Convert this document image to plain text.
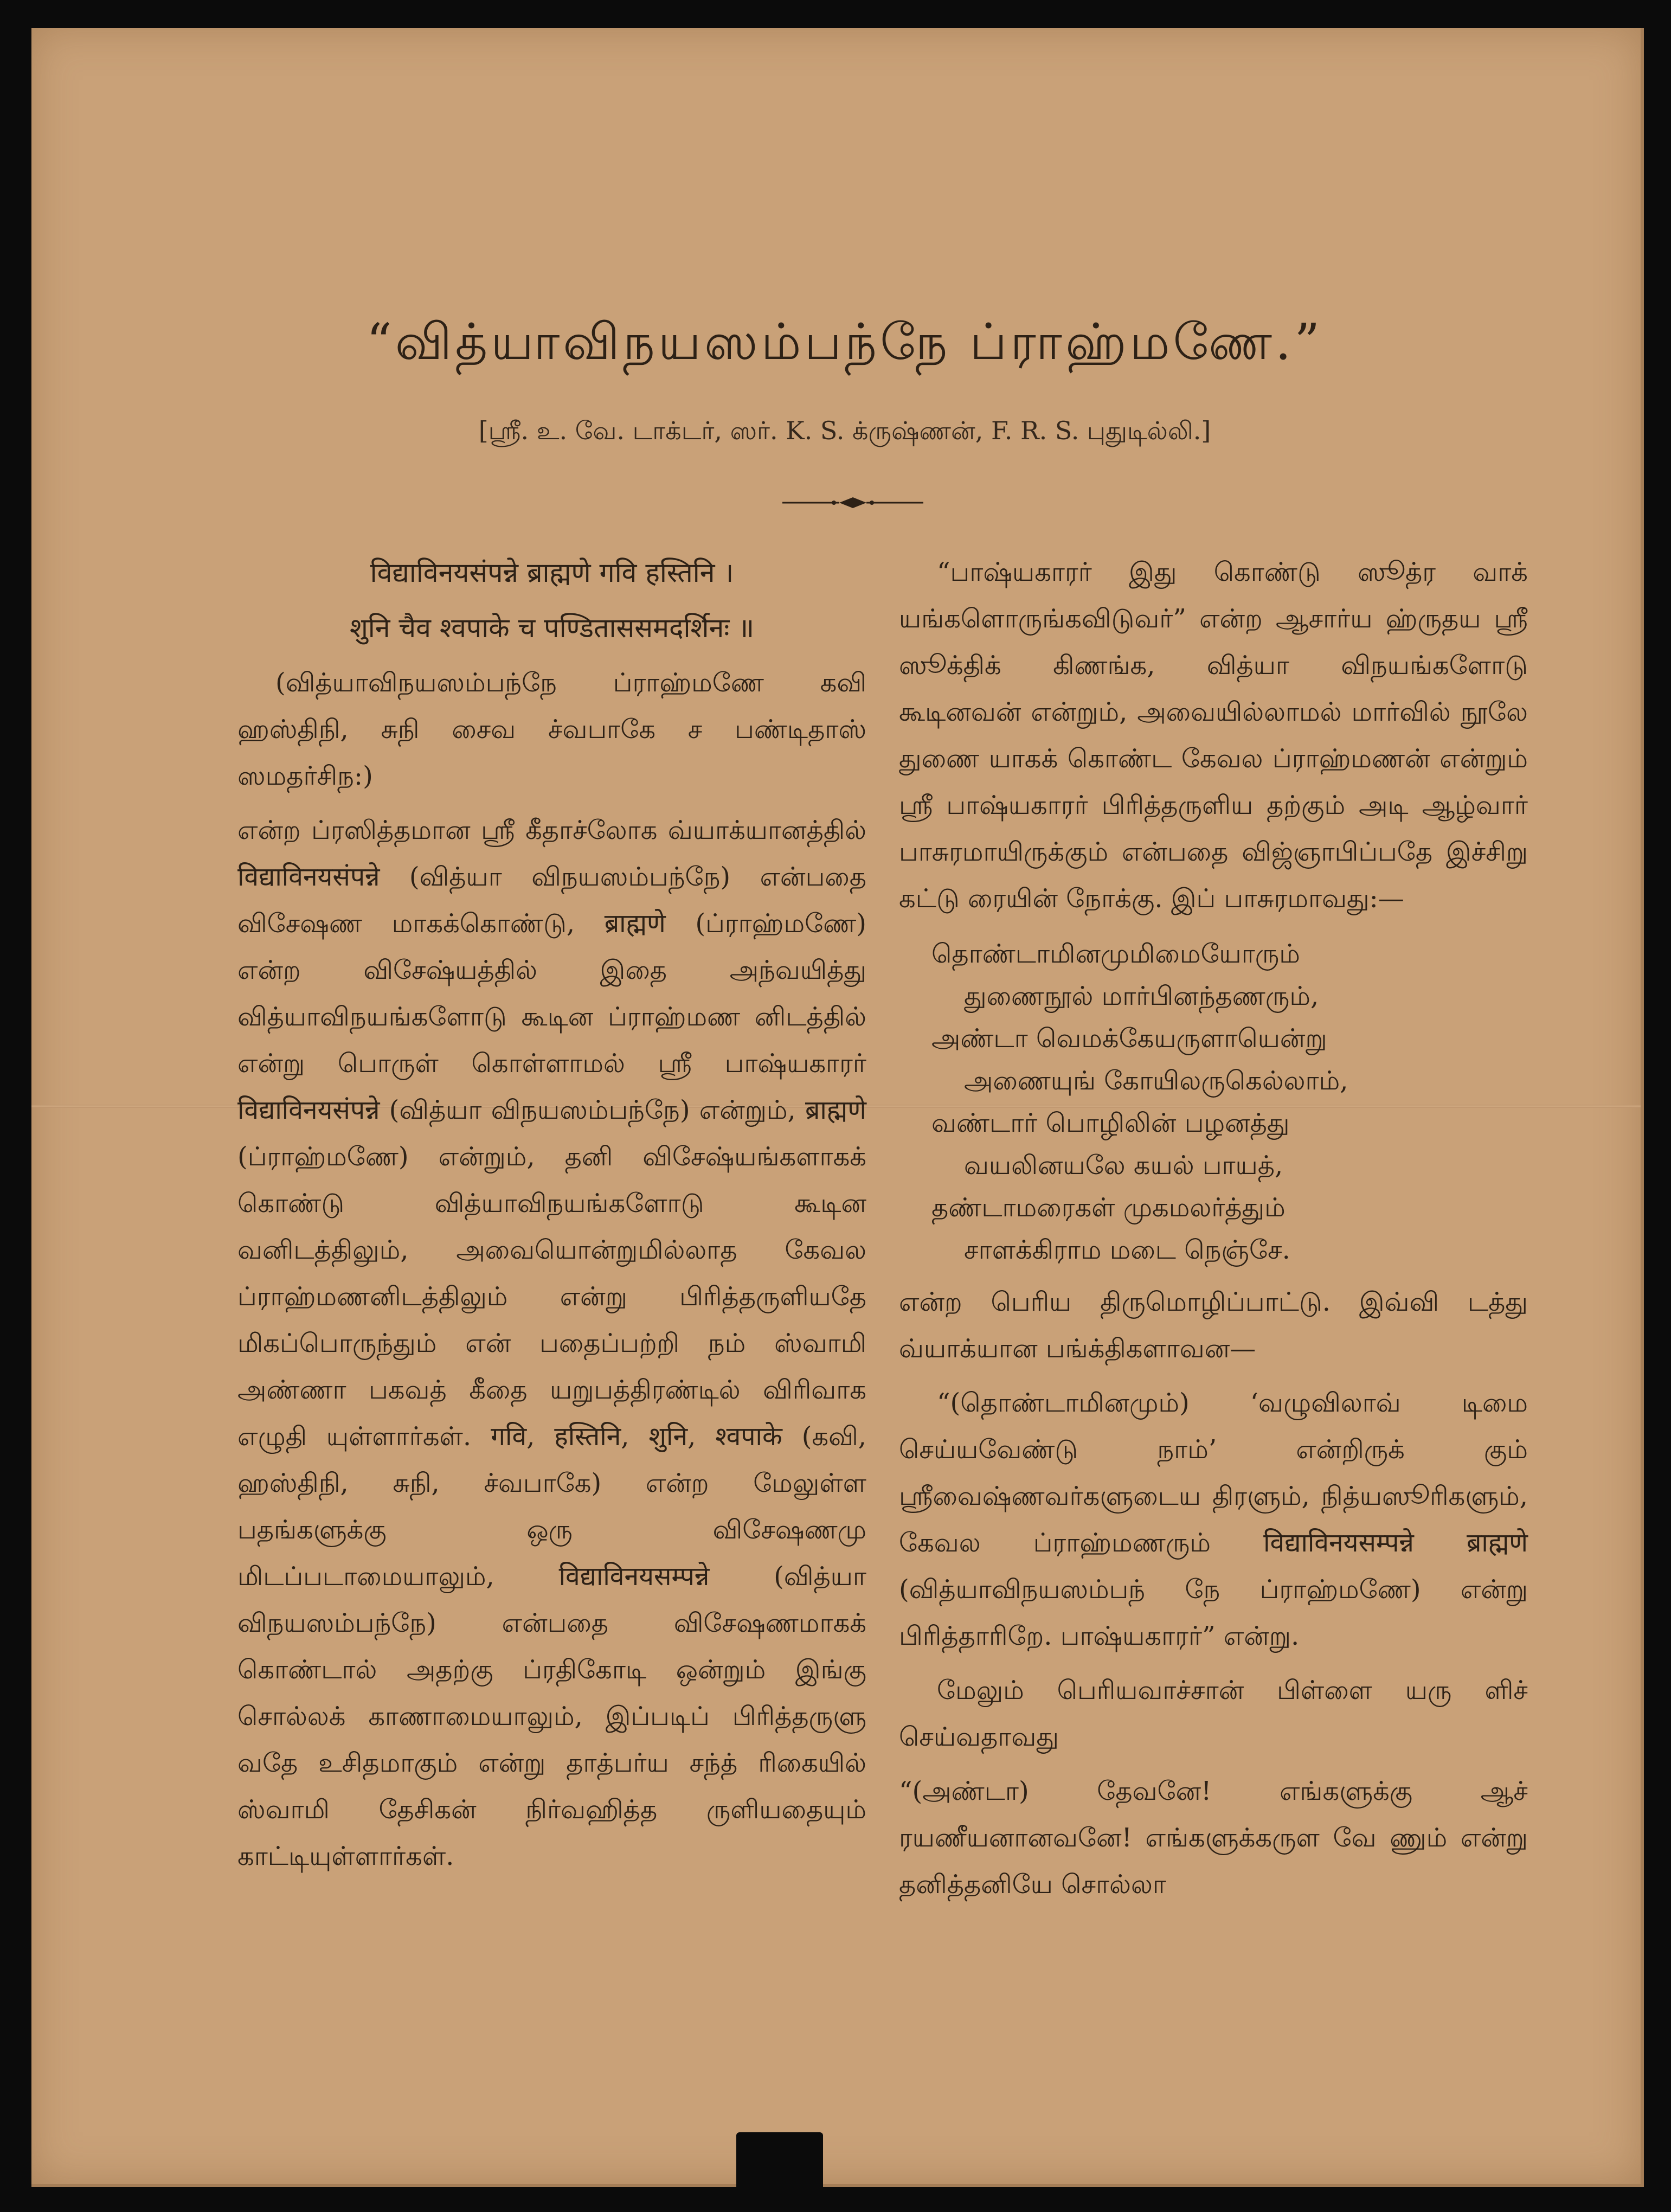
“வித்யாவிநயஸம்பந்நே ப்ராஹ்மணே.”
[ஸ்ரீ. உ. வே. டாக்டர், ஸர். K. S. க்ருஷ்ணன், F. R. S. புதுடில்லி.]

विद्याविनयसंपन्ने ब्राह्मणे गवि हस्तिनि ।

शुनि चैव श्वपाके च पण्डिताससमदर्शिनः ॥

(வித்யாவிநயஸம்பந்நே ப்ராஹ்மணே கவி ஹஸ்திநி, சுநி சைவ ச்வபாகே ச பண்டிதாஸ் ஸமதர்சிந:)

என்ற ப்ரஸித்தமான ஸ்ரீ கீதாச்லோக வ்யாக்யானத்தில் विद्याविनयसंपन्ने (வித்யா விநயஸம்பந்நே) என்பதை விசேஷண மாகக்கொண்டு, ब्राह्मणे (ப்ராஹ்மணே) என்ற விசேஷ்யத்தில் இதை அந்வயித்து வித்யாவிநயங்களோடு கூடின ப்ராஹ்மண னிடத்தில் என்று பொருள் கொள்ளாமல் ஸ்ரீ பாஷ்யகாரர் विद्याविनयसंपन्ने (வித்யா விநயஸம்பந்நே) என்றும், ब्राह्मणे (ப்ராஹ்மணே) என்றும், தனி விசேஷ்யங்களாகக் கொண்டு வித்யாவிநயங்களோடு கூடின வனிடத்திலும், அவையொன்றுமில்லாத கேவல ப்ராஹ்மணனிடத்திலும் என்று பிரித்தருளியதே மிகப்பொருந்தும் என் பதைப்பற்றி நம் ஸ்வாமி அண்ணா பகவத் கீதை யறுபத்திரண்டில் விரிவாக எழுதி யுள்ளார்கள். गवि, हस्तिनि, शुनि, श्वपाके (கவி, ஹஸ்திநி, சுநி, ச்வபாகே) என்ற மேலுள்ள பதங்களுக்கு ஒரு விசேஷணமு மிடப்படாமையாலும், विद्याविनयसम्पन्ने (வித்யா விநயஸம்பந்நே) என்பதை விசேஷணமாகக் கொண்டால் அதற்கு ப்ரதிகோடி ஒன்றும் இங்கு சொல்லக் காணாமையாலும், இப்படிப் பிரித்தருளு வதே உசிதமாகும் என்று தாத்பர்ய சந்த் ரிகையில் ஸ்வாமி தேசிகன் நிர்வஹித்த ருளியதையும் காட்டியுள்ளார்கள்.

“பாஷ்யகாரர் இது கொண்டு ஸூத்ர வாக் யங்களொருங்கவிடுவர்” என்ற ஆசார்ய ஹ்ருதய ஸ்ரீ ஸூக்திக் கிணங்க, வித்யா விநயங்களோடு கூடினவன் என்றும், அவையில்லாமல் மார்வில் நூலே துணை யாகக் கொண்ட கேவல ப்ராஹ்மணன் என்றும் ஸ்ரீ பாஷ்யகாரர் பிரித்தருளிய தற்கும் அடி ஆழ்வார் பாசுரமாயிருக்கும் என்பதை விஜ்ஞாபிப்பதே இச்சிறு கட்டு ரையின் நோக்கு. இப் பாசுரமாவது:—

தொண்டாமினமுமிமையோரும்
துணைநூல் மார்பினந்தணரும்,
அண்டா வெமக்கேயருளாயென்று
அணையுங் கோயிலருகெல்லாம்,
வண்டார் பொழிலின் பழனத்து
வயலினயலே கயல் பாயத்,
தண்டாமரைகள் முகமலர்த்தும்
சாளக்கிராம மடை நெஞ்சே.

என்ற பெரிய திருமொழிப்பாட்டு. இவ்வி டத்து வ்யாக்யான பங்க்திகளாவன—

“(தொண்டாமினமும்) ‘வழுவிலாவ் டிமை செய்யவேண்டு நாம்’ என்றிருக் கும் ஸ்ரீவைஷ்ணவர்களுடைய திரளும், நித்யஸூரிகளும், கேவல ப்ராஹ்மணரும் विद्याविनयसम्पन्ने ब्राह्मणे (வித்யாவிநயஸம்பந் நே ப்ராஹ்மணே) என்று பிரித்தாரிறே. பாஷ்யகாரர்” என்று.

மேலும் பெரியவாச்சான் பிள்ளை யரு ளிச் செய்வதாவது

“(அண்டா) தேவனே! எங்களுக்கு ஆச் ரயணீயனானவனே! எங்களுக்கருள வே ணும் என்று தனித்தனியே சொல்லா
